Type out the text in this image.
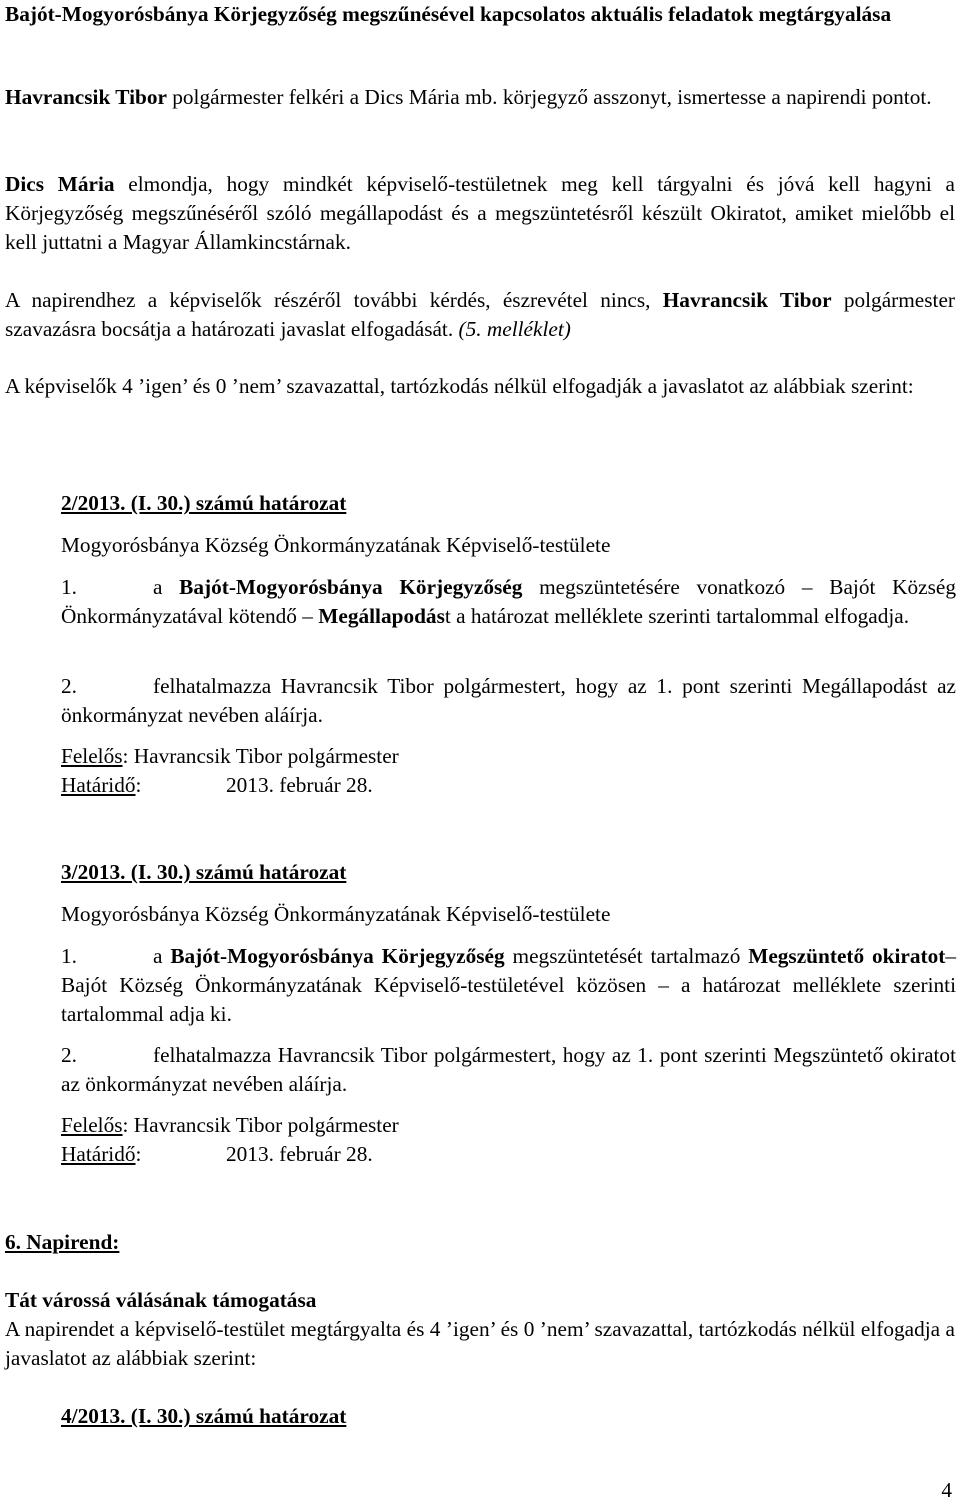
Bajót-Mogyorósbánya Körjegyzőség megszűnésével kapcsolatos aktuális feladatok megtárgyalása

Havrancsik Tibor polgármester felkéri a Dics Mária mb. körjegyző asszonyt, ismertesse a napirendi pontot.

Dics Mária elmondja, hogy mindkét képviselő-testületnek meg kell tárgyalni és jóvá kell hagyni a Körjegyzőség megszűnéséről szóló megállapodást és a megszüntetésről készült Okiratot, amiket mielőbb el kell juttatni a Magyar Államkincstárnak.

A napirendhez a képviselők részéről további kérdés, észrevétel nincs, Havrancsik Tibor polgármester szavazásra bocsátja a határozati javaslat elfogadását. (5. melléklet)

A képviselők 4 ’igen’ és 0 ’nem’ szavazattal, tartózkodás nélkül elfogadják a javaslatot az alábbiak szerint:

2/2013. (I. 30.) számú határozat

Mogyorósbánya Község Önkormányzatának Képviselő-testülete

1.	a Bajót-Mogyorósbánya Körjegyzőség megszüntetésére vonatkozó – Bajót Község Önkormányzatával kötendő – Megállapodást a határozat melléklete szerinti tartalommal elfogadja.

2.	felhatalmazza Havrancsik Tibor polgármestert, hogy az 1. pont szerinti Megállapodást az önkormányzat nevében aláírja.

Felelős: Havrancsik Tibor polgármester

Határidő:	2013. február 28.

3/2013. (I. 30.) számú határozat

Mogyorósbánya Község Önkormányzatának Képviselő-testülete

1.	a Bajót-Mogyorósbánya Körjegyzőség megszüntetését tartalmazó Megszüntető okiratot– Bajót Község Önkormányzatának Képviselő-testületével közösen – a határozat melléklete szerinti tartalommal adja ki.

2.	felhatalmazza Havrancsik Tibor polgármestert, hogy az 1. pont szerinti Megszüntető okiratot az önkormányzat nevében aláírja.

Felelős: Havrancsik Tibor polgármester

Határidő:	2013. február 28.

6. Napirend:

Tát várossá válásának támogatása

A napirendet a képviselő-testület megtárgyalta és 4 ’igen’ és 0 ’nem’ szavazattal, tartózkodás nélkül elfogadja a javaslatot az alábbiak szerint:

4/2013. (I. 30.) számú határozat

4
